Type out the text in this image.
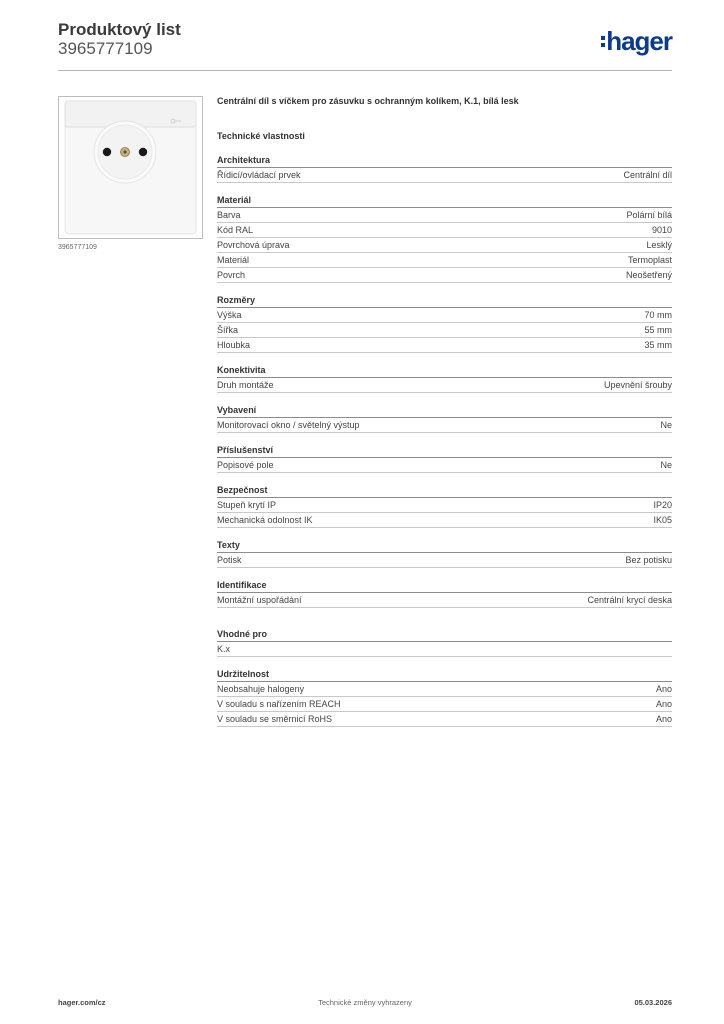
Produktový list
3965777109	hager
3965777109
Centrální díl s víčkem pro zásuvku s ochranným kolíkem, K.1, bílá lesk
Technické vlastnosti
Architektura
Řídicí/ovládací prvek	Centrální díl
Materiál
Barva	Polární bílá
Kód RAL	9010
Povrchová úprava	Lesklý
Materiál	Termoplast
Povrch	Neošetřený
Rozměry
Výška	70 mm
Šířka	55 mm
Hloubka	35 mm
Konektivita
Druh montáže	Upevnění šrouby
Vybavení
Monitorovací okno / světelný výstup	Ne
Příslušenství
Popisové pole	Ne
Bezpečnost
Stupeň krytí IP	IP20
Mechanická odolnost IK	IK05
Texty
Potisk	Bez potisku
Identifikace
Montážní uspořádání	Centrální krycí deska
Vhodné pro
K.x
Udržitelnost
Neobsahuje halogeny	Ano
V souladu s nařízením REACH	Ano
V souladu se směrnicí RoHS	Ano
Technické změny vyhrazeny
hager.com/cz	05.03.2026
